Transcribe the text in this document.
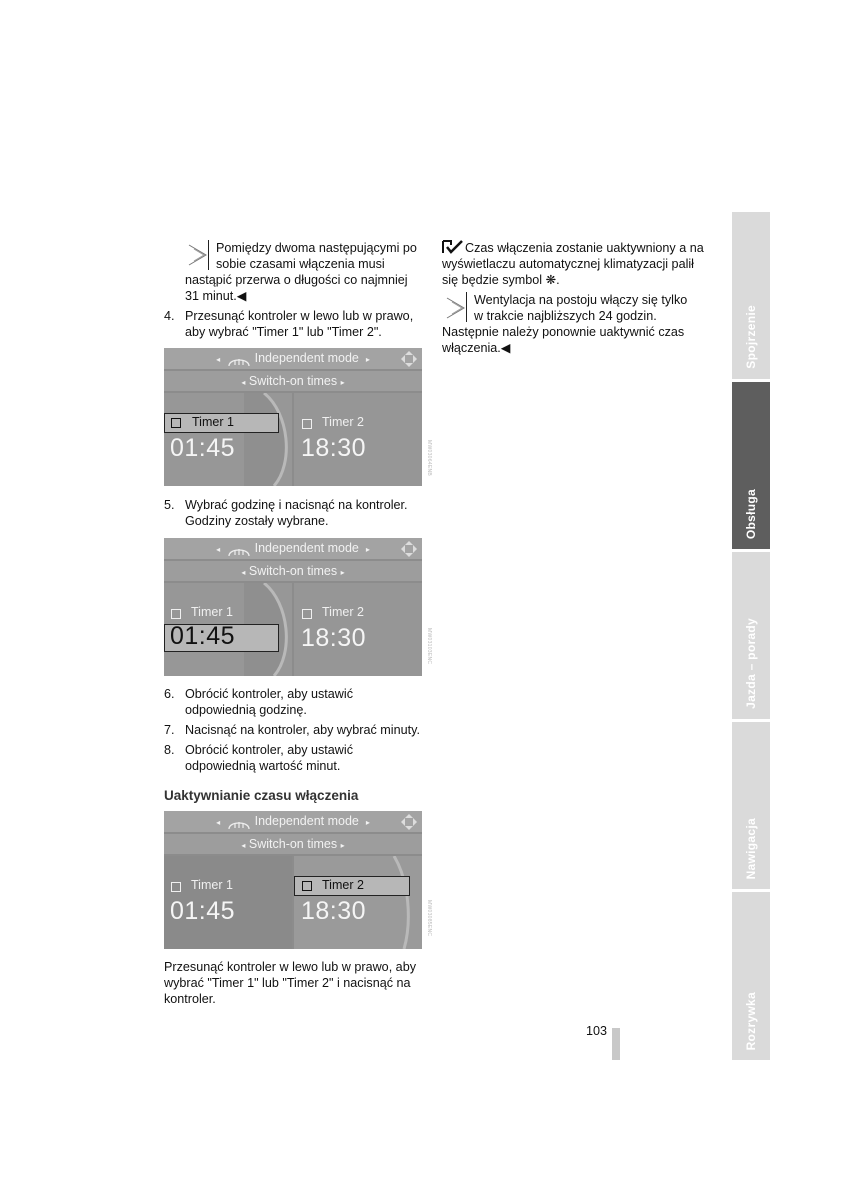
Pomiędzy dwoma następującymi po
sobie czasami włączenia musi
nastąpić przerwa o długości co najmniej
31 minut.◀
4. Przesunąć kontroler w lewo lub w prawo,
aby wybrać "Timer 1" lub "Timer 2".
◂	Independent mode ▸
◂ Switch-on times ▸
Timer 1
01:45
Timer 2
18:30	MW03064ENB
5. Wybrać godzinę i nacisnąć na kontroler.
Godziny zostały wybrane.
◂	Independent mode ▸
◂ Switch-on times ▸
Timer 1
01:45
Timer 2
18:30	MW03103ENC
6. Obrócić kontroler, aby ustawić
odpowiednią godzinę.
7. Nacisnąć na kontroler, aby wybrać minuty.
8. Obrócić kontroler, aby ustawić
odpowiednią wartość minut.
Uaktywnianie czasu włączenia
◂	Independent mode ▸
◂ Switch-on times ▸
Timer 1
01:45
Timer 2
18:30	MW03085ENC
Przesunąć kontroler w lewo lub w prawo, aby
wybrać "Timer 1" lub "Timer 2" i nacisnąć na
kontroler.
Czas włączenia zostanie uaktywniony a na
wyświetlaczu automatycznej klimatyzacji palił
się będzie symbol ❋.
Wentylacja na postoju włączy się tylko
w trakcie najbliższych 24 godzin.
Następnie należy ponownie uaktywnić czas
włączenia.◀	Spojrzenie
Obsługa
Jazda – porady
Nawigacja
Rozrywka
103
